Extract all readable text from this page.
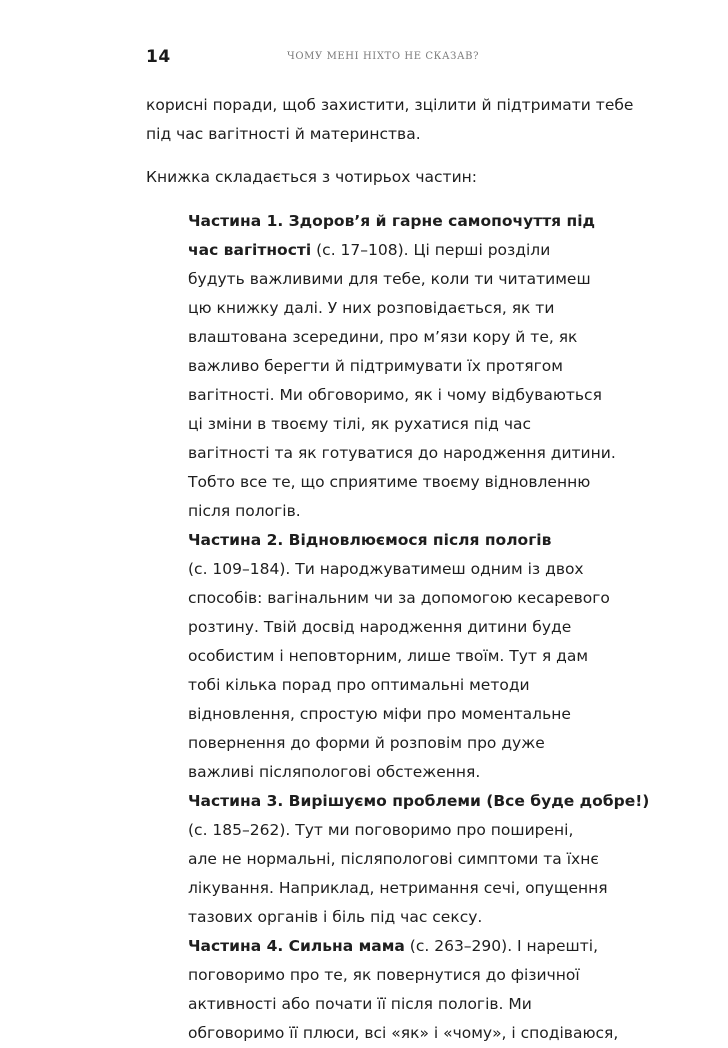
14	ЧОМУ МЕНІ НІХТО НЕ СКАЗАВ?
корисні поради, щоб захистити, зцілити й підтримати тебе
під час вагітності й материнства.
Книжка складається з чотирьох частин:
Частина 1. Здоров’я й гарне самопочуття під
час вагітності (с. 17–108). Ці перші розділи
будуть важливими для тебе, коли ти читатимеш
цю книжку далі. У них розповідається, як ти
влаштована зсередини, про м’язи кору й те, як
важливо берегти й підтримувати їх протягом
вагітності. Ми обговоримо, як і чому відбуваються
ці зміни в твоєму тілі, як рухатися під час
вагітності та як готуватися до народження дитини.
Тобто все те, що сприятиме твоєму відновленню
після пологів.
Частина 2. Відновлюємося після пологів
(с. 109–184). Ти народжуватимеш одним із двох
способів: вагінальним чи за допомогою кесаревого
розтину. Твій досвід народження дитини буде
особистим і неповторним, лише твоїм. Тут я дам
тобі кілька порад про оптимальні методи
відновлення, спростую міфи про моментальне
повернення до форми й розповім про дуже
важливі післяпологові обстеження.
Частина 3. Вирішуємо проблеми (Все буде добре!)
(с. 185–262). Тут ми поговоримо про поширені,
але не нормальні, післяпологові симптоми та їхнє
лікування. Наприклад, нетримання сечі, опущення
тазових органів і біль під час сексу.
Частина 4. Сильна мама (с. 263–290). І нарешті,
поговоримо про те, як повернутися до фізичної
активності або почати її після пологів. Ми
обговоримо її плюси, всі «як» і «чому», і сподіваюся,
